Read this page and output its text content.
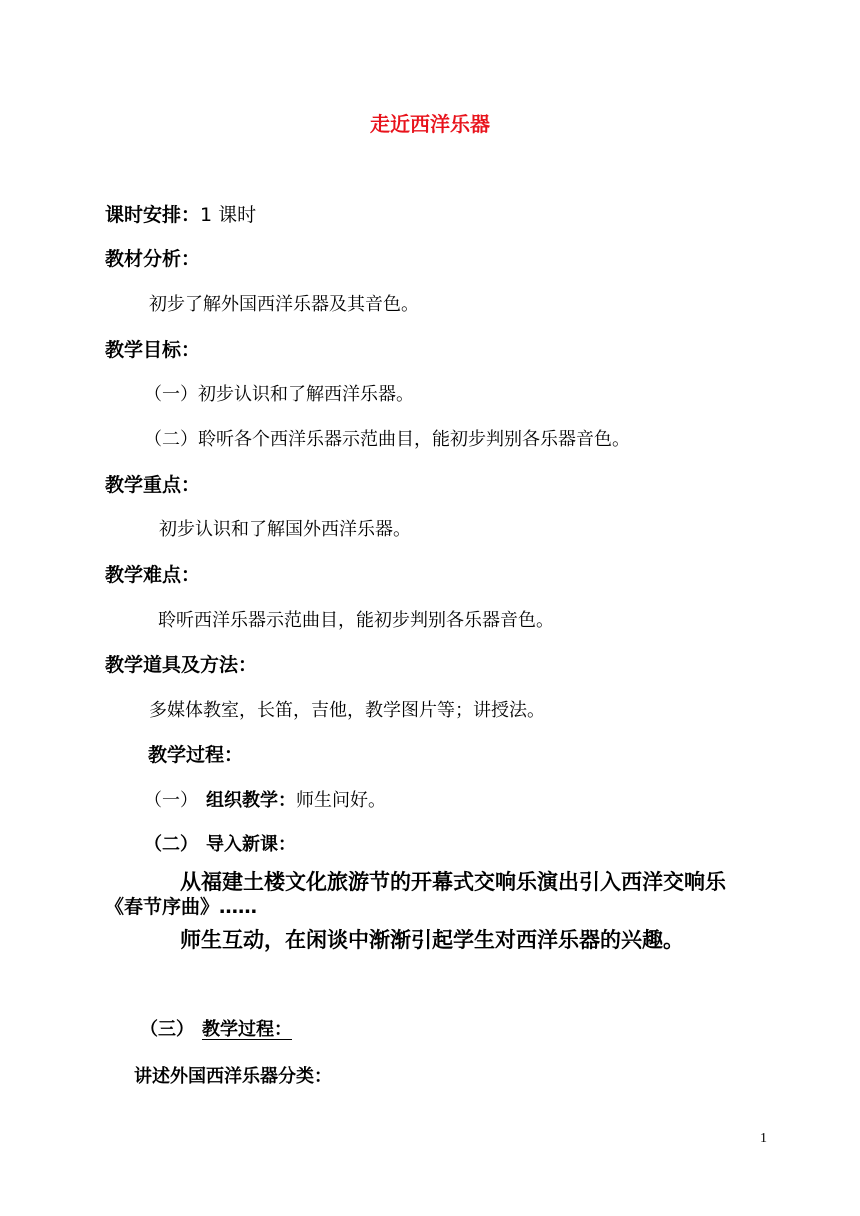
走近西洋乐器
课时安排：1 课时
教材分析：
初步了解外国西洋乐器及其音色。
教学目标：
（一）初步认识和了解西洋乐器。
（二）聆听各个西洋乐器示范曲目，能初步判别各乐器音色。
教学重点：
初步认识和了解国外西洋乐器。
教学难点：
聆听西洋乐器示范曲目，能初步判别各乐器音色。
教学道具及方法：
多媒体教室，长笛，吉他，教学图片等；讲授法。
教学过程：
（一） 组织教学：师生问好。
（二） 导入新课：
从福建土楼文化旅游节的开幕式交响乐演出引入西洋交响乐
《春节序曲》……
师生互动，在闲谈中渐渐引起学生对西洋乐器的兴趣。
（三） 教学过程：
讲述外国西洋乐器分类：
1
